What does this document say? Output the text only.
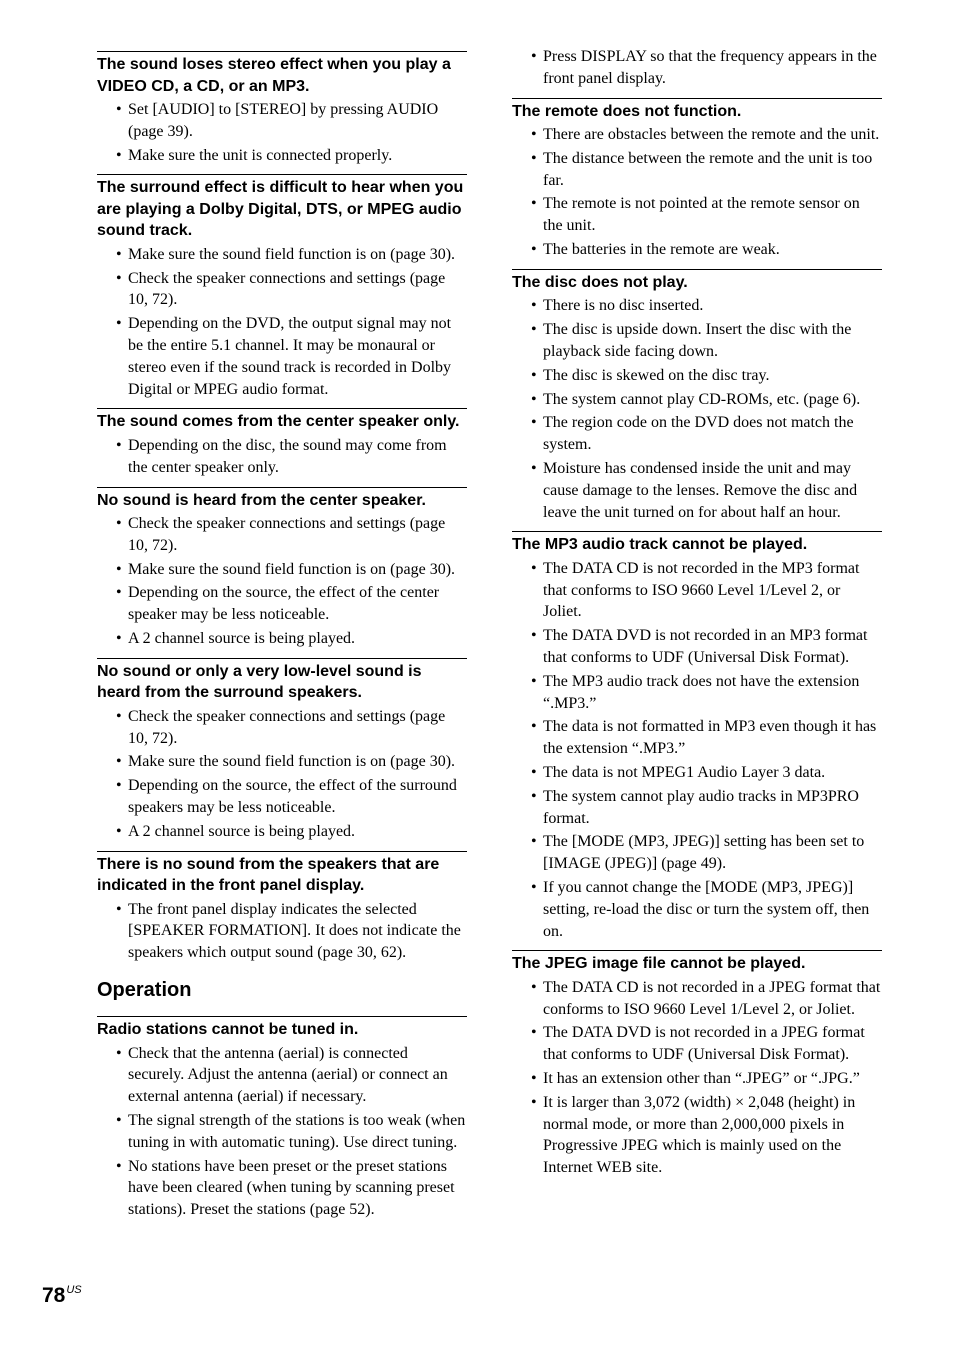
The sound loses stereo effect when you play a VIDEO CD, a CD, or an MP3.
• Set [AUDIO] to [STEREO] by pressing AUDIO (page 39).
• Make sure the unit is connected properly.
The surround effect is difficult to hear when you are playing a Dolby Digital, DTS, or MPEG audio sound track.
• Make sure the sound field function is on (page 30).
• Check the speaker connections and settings (page 10, 72).
• Depending on the DVD, the output signal may not be the entire 5.1 channel. It may be monaural or stereo even if the sound track is recorded in Dolby Digital or MPEG audio format.
The sound comes from the center speaker only.
• Depending on the disc, the sound may come from the center speaker only.
No sound is heard from the center speaker.
• Check the speaker connections and settings (page 10, 72).
• Make sure the sound field function is on (page 30).
• Depending on the source, the effect of the center speaker may be less noticeable.
• A 2 channel source is being played.
No sound or only a very low-level sound is heard from the surround speakers.
• Check the speaker connections and settings (page 10, 72).
• Make sure the sound field function is on (page 30).
• Depending on the source, the effect of the surround speakers may be less noticeable.
• A 2 channel source is being played.
There is no sound from the speakers that are indicated in the front panel display.
• The front panel display indicates the selected [SPEAKER FORMATION]. It does not indicate the speakers which output sound (page 30, 62).
Operation
Radio stations cannot be tuned in.
• Check that the antenna (aerial) is connected securely. Adjust the antenna (aerial) or connect an external antenna (aerial) if necessary.
• The signal strength of the stations is too weak (when tuning in with automatic tuning). Use direct tuning.
• No stations have been preset or the preset stations have been cleared (when tuning by scanning preset stations). Preset the stations (page 52).
• Press DISPLAY so that the frequency appears in the front panel display.
The remote does not function.
• There are obstacles between the remote and the unit.
• The distance between the remote and the unit is too far.
• The remote is not pointed at the remote sensor on the unit.
• The batteries in the remote are weak.
The disc does not play.
• There is no disc inserted.
• The disc is upside down. Insert the disc with the playback side facing down.
• The disc is skewed on the disc tray.
• The system cannot play CD-ROMs, etc. (page 6).
• The region code on the DVD does not match the system.
• Moisture has condensed inside the unit and may cause damage to the lenses. Remove the disc and leave the unit turned on for about half an hour.
The MP3 audio track cannot be played.
• The DATA CD is not recorded in the MP3 format that conforms to ISO 9660 Level 1/Level 2, or Joliet.
• The DATA DVD is not recorded in an MP3 format that conforms to UDF (Universal Disk Format).
• The MP3 audio track does not have the extension “.MP3.”
• The data is not formatted in MP3 even though it has the extension “.MP3.”
• The data is not MPEG1 Audio Layer 3 data.
• The system cannot play audio tracks in MP3PRO format.
• The [MODE (MP3, JPEG)] setting has been set to [IMAGE (JPEG)] (page 49).
• If you cannot change the [MODE (MP3, JPEG)] setting, re-load the disc or turn the system off, then on.
The JPEG image file cannot be played.
• The DATA CD is not recorded in a JPEG format that conforms to ISO 9660 Level 1/Level 2, or Joliet.
• The DATA DVD is not recorded in a JPEG format that conforms to UDF (Universal Disk Format).
• It has an extension other than “.JPEG” or “.JPG.”
• It is larger than 3,072 (width) × 2,048 (height) in normal mode, or more than 2,000,000 pixels in Progressive JPEG which is mainly used on the Internet WEB site.
$78^{US}$
